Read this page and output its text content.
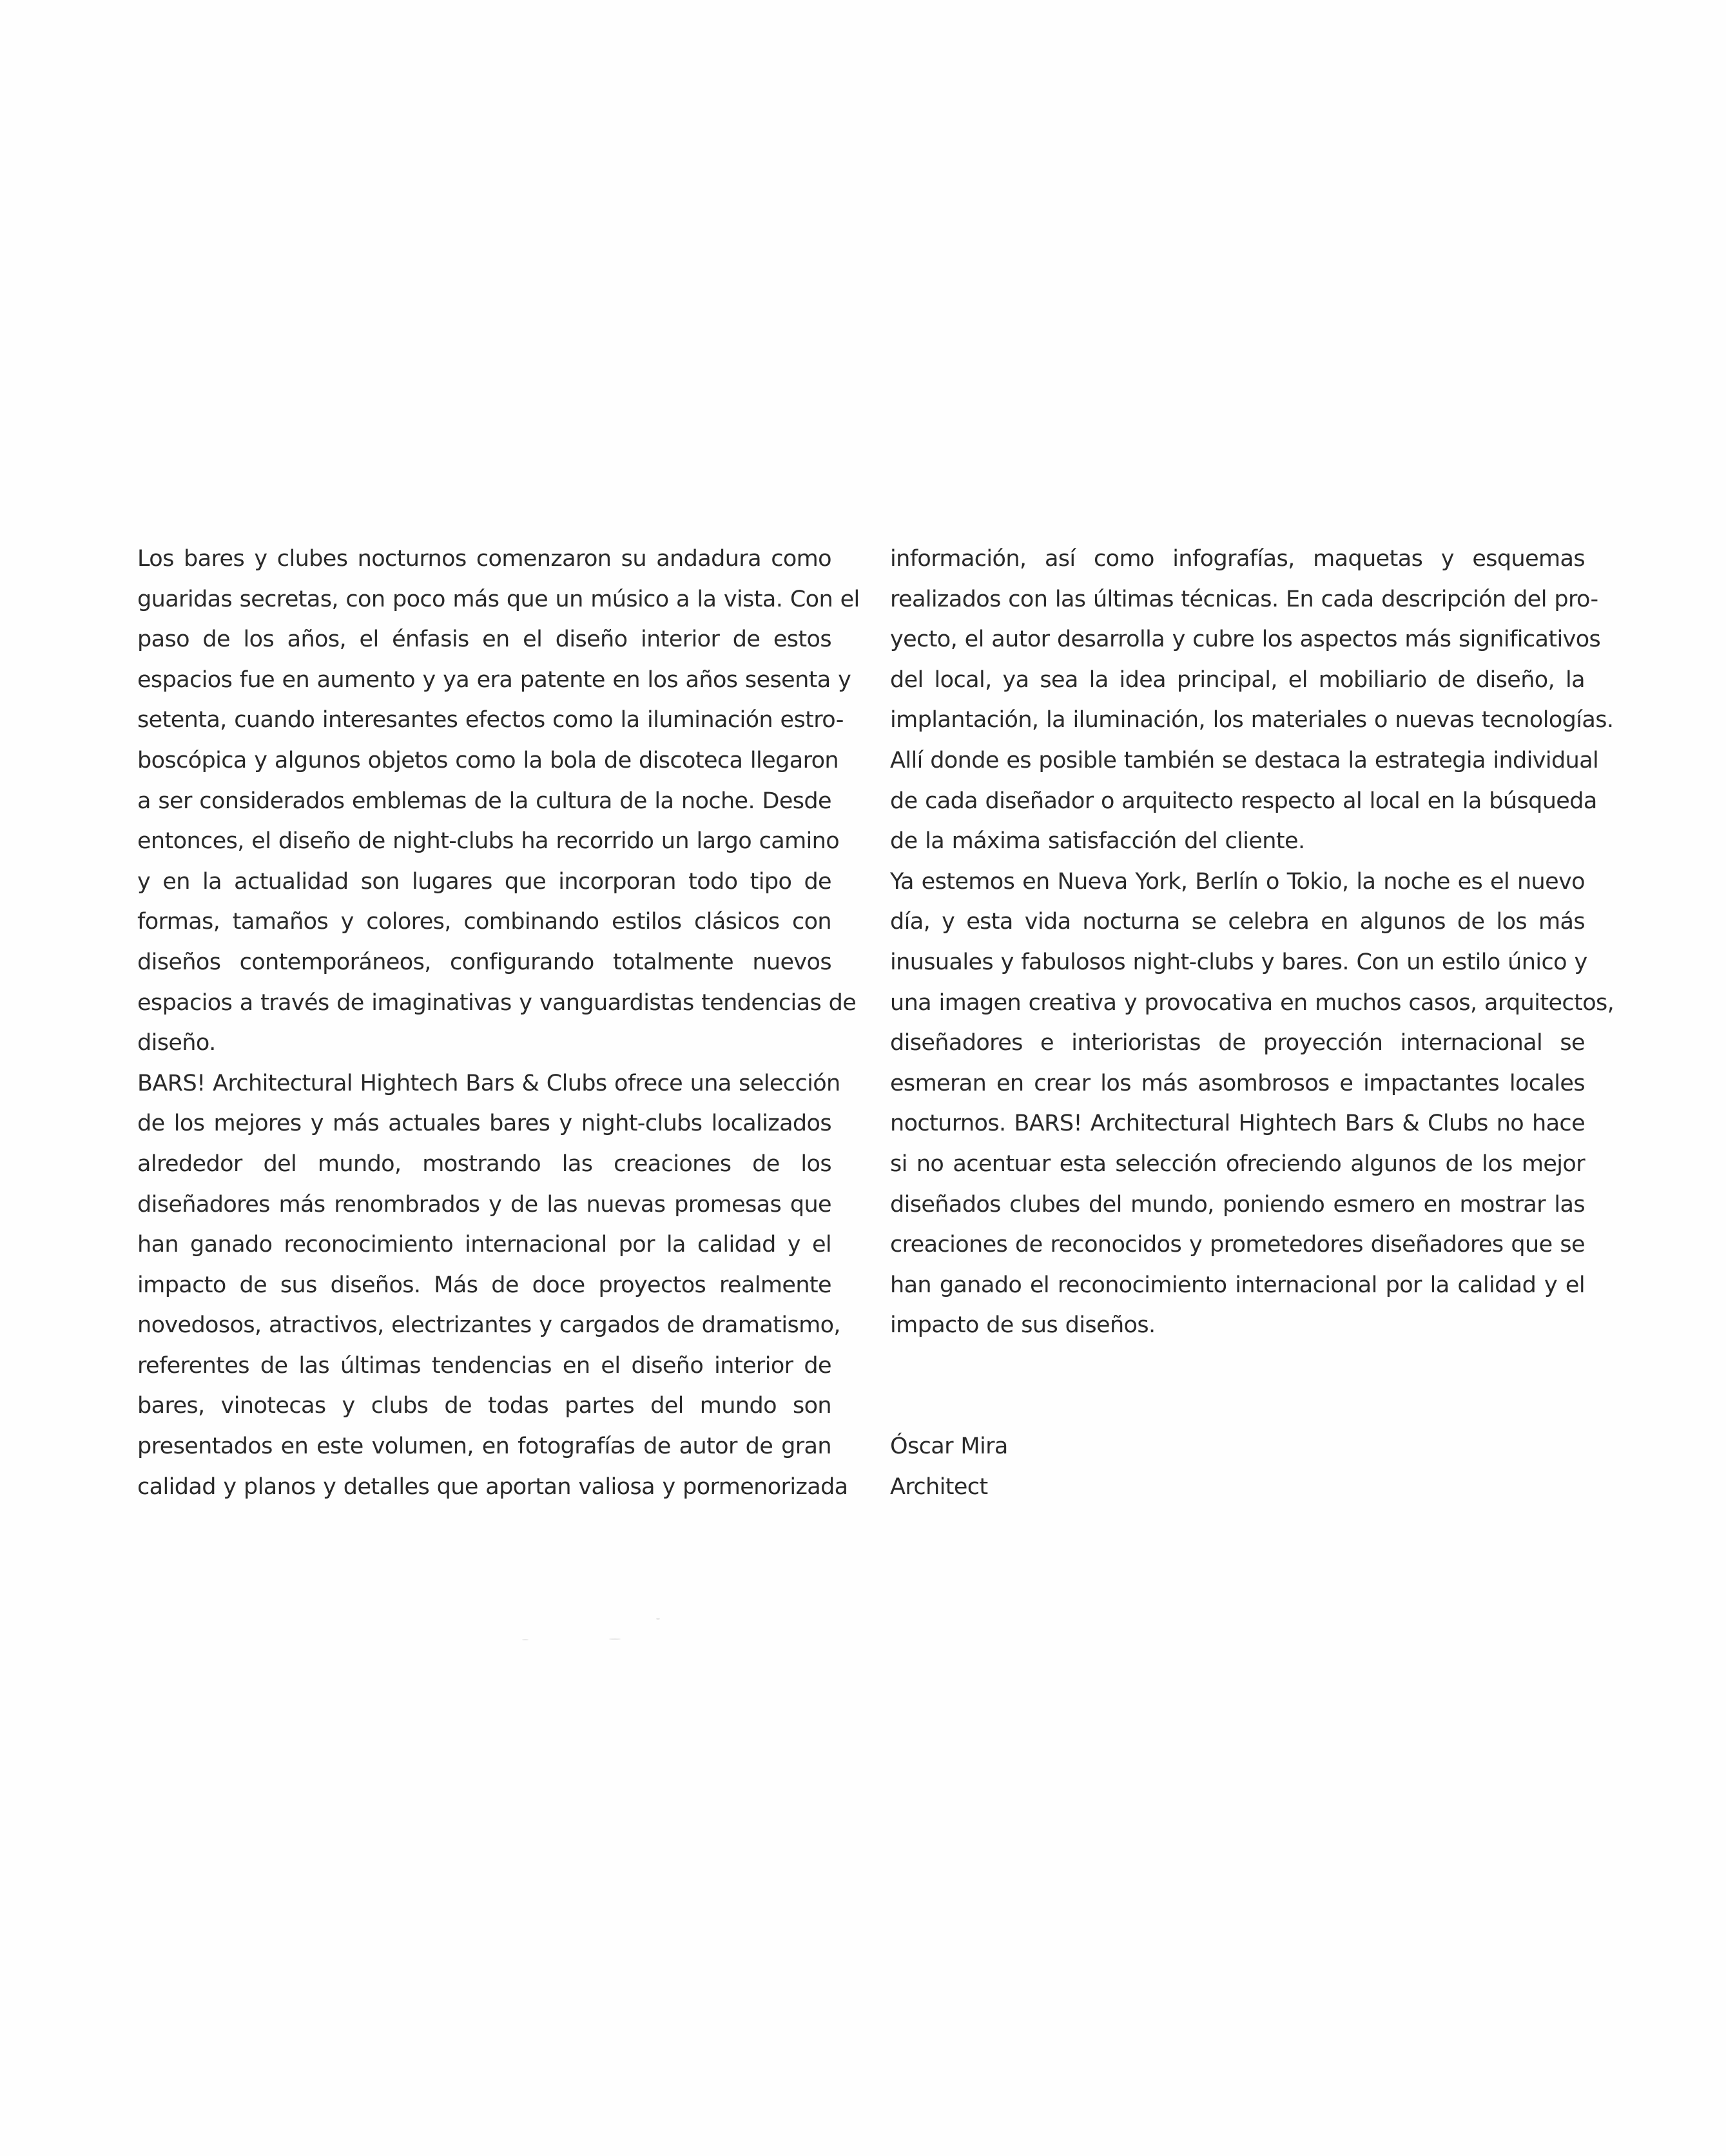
Los bares y clubes nocturnos comenzaron su andadura como
guaridas secretas, con poco más que un músico a la vista. Con el
paso de los años, el énfasis en el diseño interior de estos
espacios fue en aumento y ya era patente en los años sesenta y
setenta, cuando interesantes efectos como la iluminación estro-
boscópica y algunos objetos como la bola de discoteca llegaron
a ser considerados emblemas de la cultura de la noche. Desde
entonces, el diseño de night-clubs ha recorrido un largo camino
y en la actualidad son lugares que incorporan todo tipo de
formas, tamaños y colores, combinando estilos clásicos con
diseños contemporáneos, configurando totalmente nuevos
espacios a través de imaginativas y vanguardistas tendencias de
diseño.
BARS! Architectural Hightech Bars & Clubs ofrece una selección
de los mejores y más actuales bares y night-clubs localizados
alrededor del mundo, mostrando las creaciones de los
diseñadores más renombrados y de las nuevas promesas que
han ganado reconocimiento internacional por la calidad y el
impacto de sus diseños. Más de doce proyectos realmente
novedosos, atractivos, electrizantes y cargados de dramatismo,
referentes de las últimas tendencias en el diseño interior de
bares, vinotecas y clubs de todas partes del mundo son
presentados en este volumen, en fotografías de autor de gran
calidad y planos y detalles que aportan valiosa y pormenorizada
información, así como infografías, maquetas y esquemas
realizados con las últimas técnicas. En cada descripción del pro-
yecto, el autor desarrolla y cubre los aspectos más significativos
del local, ya sea la idea principal, el mobiliario de diseño, la
implantación, la iluminación, los materiales o nuevas tecnologías.
Allí donde es posible también se destaca la estrategia individual
de cada diseñador o arquitecto respecto al local en la búsqueda
de la máxima satisfacción del cliente.
Ya estemos en Nueva York, Berlín o Tokio, la noche es el nuevo
día, y esta vida nocturna se celebra en algunos de los más
inusuales y fabulosos night-clubs y bares. Con un estilo único y
una imagen creativa y provocativa en muchos casos, arquitectos,
diseñadores e interioristas de proyección internacional se
esmeran en crear los más asombrosos e impactantes locales
nocturnos. BARS! Architectural Hightech Bars & Clubs no hace
si no acentuar esta selección ofreciendo algunos de los mejor
diseñados clubes del mundo, poniendo esmero en mostrar las
creaciones de reconocidos y prometedores diseñadores que se
han ganado el reconocimiento internacional por la calidad y el
impacto de sus diseños.
Óscar Mira
Architect
